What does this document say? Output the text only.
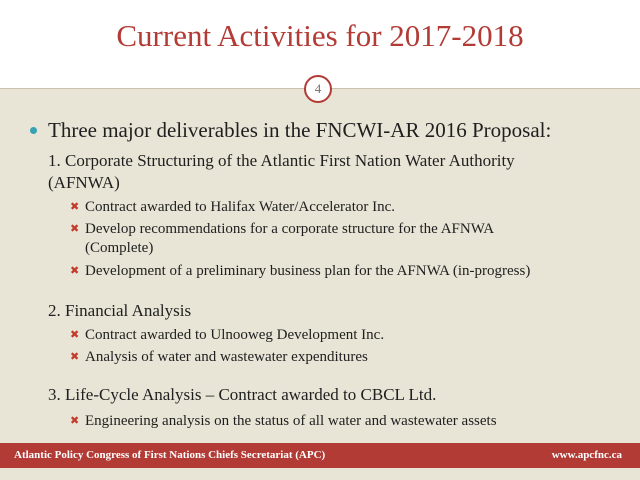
Current Activities for 2017-2018
4
Three major deliverables in the FNCWI-AR 2016 Proposal:
1. Corporate Structuring of the Atlantic First Nation Water Authority
(AFNWA)
✖ Contract awarded to Halifax Water/Accelerator Inc.
✖ Develop recommendations for a corporate structure for the AFNWA
(Complete)
✖ Development of a preliminary business plan for the AFNWA (in-progress)
2. Financial Analysis
✖ Contract awarded to Ulnooweg Development Inc.
✖ Analysis of water and wastewater expenditures
3. Life-Cycle Analysis – Contract awarded to CBCL Ltd.
✖ Engineering analysis on the status of all water and wastewater assets
Atlantic Policy Congress of First Nations Chiefs Secretariat (APC)	www.apcfnc.ca
